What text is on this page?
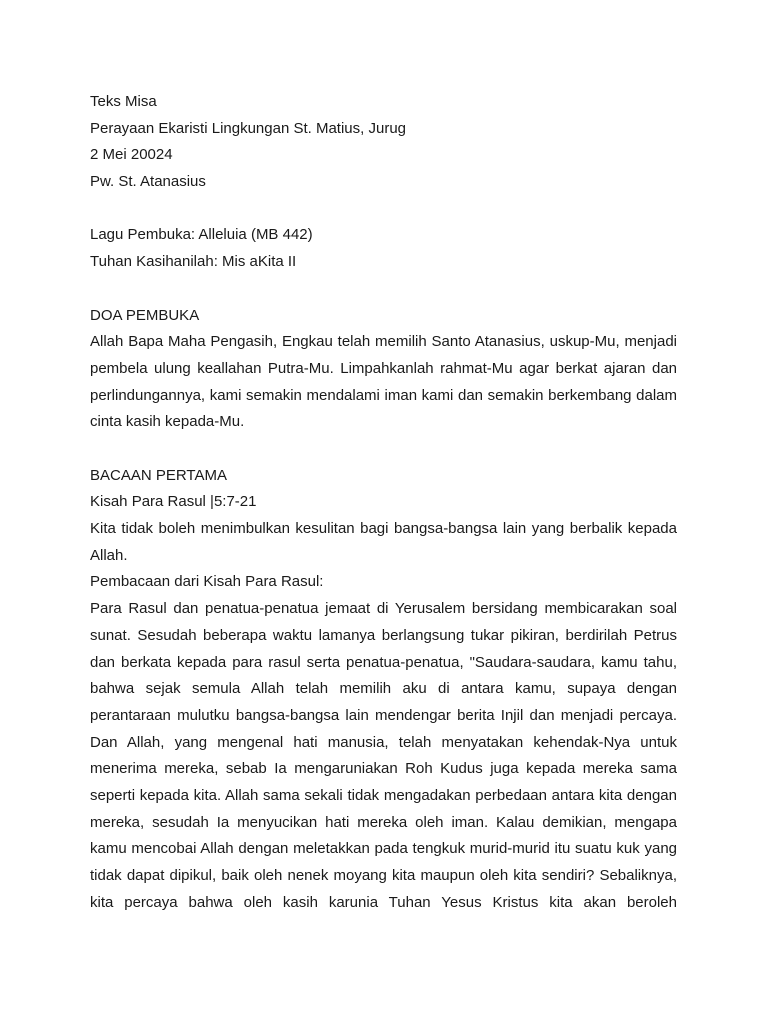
Teks Misa
Perayaan Ekaristi Lingkungan St. Matius, Jurug
2 Mei 20024
Pw. St. Atanasius
Lagu Pembuka: Alleluia (MB 442)
Tuhan Kasihanilah: Mis aKita II
DOA PEMBUKA
Allah Bapa Maha Pengasih, Engkau telah memilih Santo Atanasius, uskup-Mu, menjadi pembela ulung keallahan Putra-Mu. Limpahkanlah rahmat-Mu agar berkat ajaran dan perlindungannya, kami semakin mendalami iman kami dan semakin berkembang dalam cinta kasih kepada-Mu.
BACAAN PERTAMA
Kisah Para Rasul |5:7-21
Kita tidak boleh menimbulkan kesulitan bagi bangsa-bangsa lain yang berbalik kepada Allah.
Pembacaan dari Kisah Para Rasul:
Para Rasul dan penatua-penatua jemaat di Yerusalem bersidang membicarakan soal sunat. Sesudah beberapa waktu lamanya berlangsung tukar pikiran, berdirilah Petrus dan berkata kepada para rasul serta penatua-penatua, "Saudara-saudara, kamu tahu, bahwa sejak semula Allah telah memilih aku di antara kamu, supaya dengan perantaraan mulutku bangsa-bangsa lain mendengar berita Injil dan menjadi percaya. Dan Allah, yang mengenal hati manusia, telah menyatakan kehendak-Nya untuk menerima mereka, sebab Ia mengaruniakan Roh Kudus juga kepada mereka sama seperti kepada kita. Allah sama sekali tidak mengadakan perbedaan antara kita dengan mereka, sesudah Ia menyucikan hati mereka oleh iman. Kalau demikian, mengapa kamu mencobai Allah dengan meletakkan pada tengkuk murid-murid itu suatu kuk yang tidak dapat dipikul, baik oleh nenek moyang kita maupun oleh kita sendiri? Sebaliknya, kita percaya bahwa oleh kasih karunia Tuhan Yesus Kristus kita akan beroleh
